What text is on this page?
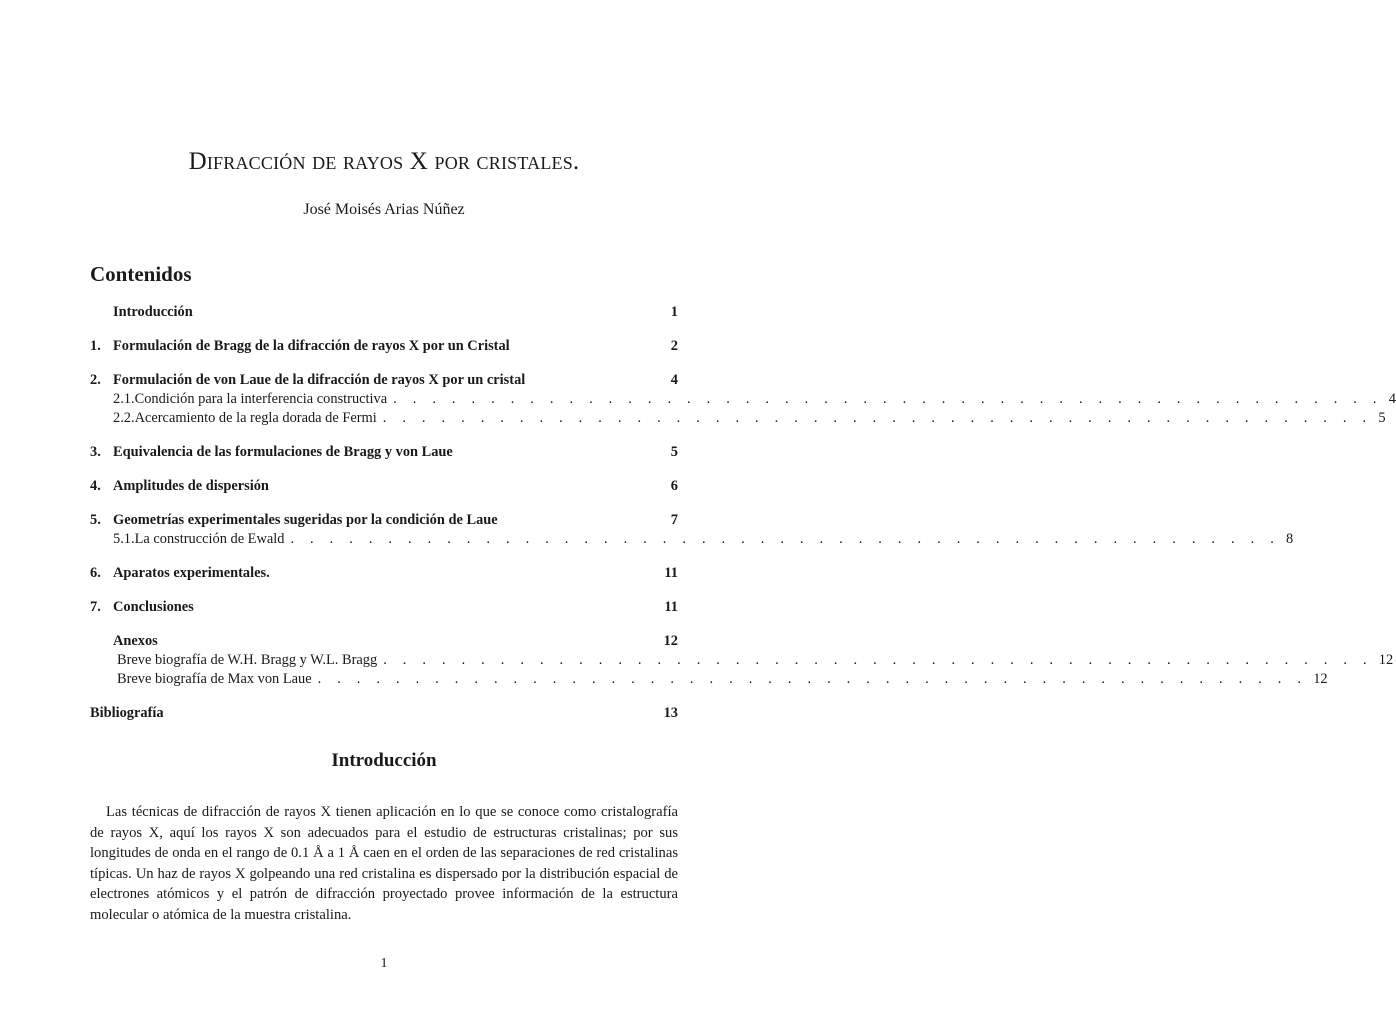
Difracción de rayos X por cristales.
José Moisés Arias Núñez
Contenidos
Introducción	1
1. Formulación de Bragg de la difracción de rayos X por un Cristal	2
2. Formulación de von Laue de la difracción de rayos X por un cristal	4
2.1. Condición para la interferencia constructiva . . . . . . . . . . . . . . . . . . . . . . . . . . . . . . . . . . . . . . . . . . . . . . . . . . . 4
2.2. Acercamiento de la regla dorada de Fermi . . . . . . . . . . . . . . . . . . . . . . . . . . . . . . . . . . . . . . . . . . . . . . . . . . . 5
3. Equivalencia de las formulaciones de Bragg y von Laue	5
4. Amplitudes de dispersión	6
5. Geometrías experimentales sugeridas por la condición de Laue	7
5.1. La construcción de Ewald . . . . . . . . . . . . . . . . . . . . . . . . . . . . . . . . . . . . . . . . . . . . . . . . . . . 8
6. Aparatos experimentales.	11
7. Conclusiones	11
Anexos	12
Breve biografía de W.H. Bragg y W.L. Bragg . . . . . . . . . . . . . . . . . . . . . . . . . . . . . . . . . . . . . . . . . . . . . . . . . . . 12
Breve biografía de Max von Laue . . . . . . . . . . . . . . . . . . . . . . . . . . . . . . . . . . . . . . . . . . . . . . . . . . . 12
Bibliografía	13
Introducción
Las técnicas de difracción de rayos X tienen aplicación en lo que se conoce como cristalografía de rayos X, aquí los rayos X son adecuados para el estudio de estructuras cristalinas; por sus longitudes de onda en el rango de 0.1 Å a 1 Å caen en el orden de las separaciones de red cristalinas típicas. Un haz de rayos X golpeando una red cristalina es dispersado por la distribución espacial de electrones atómicos y el patrón de difracción proyectado provee información de la estructura molecular o atómica de la muestra cristalina.
1
